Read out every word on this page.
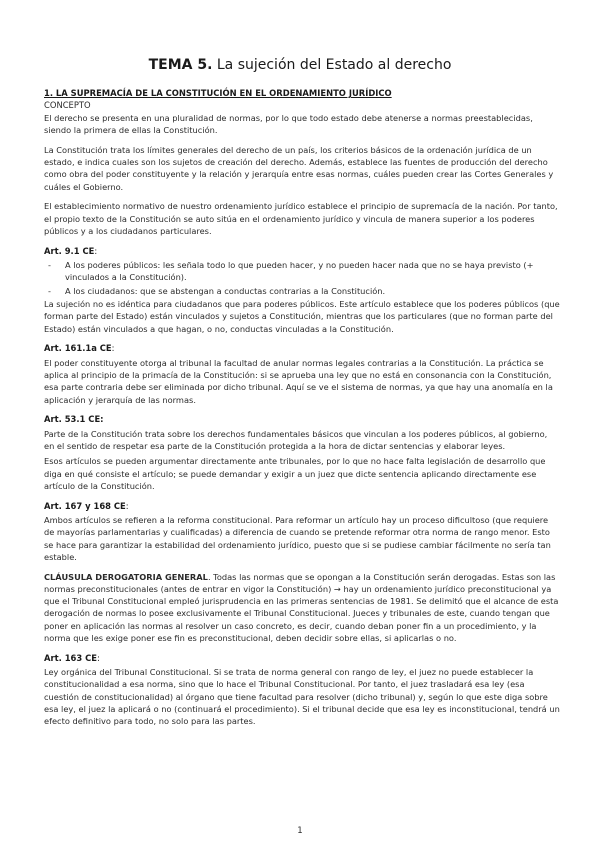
TEMA 5. La sujeción del Estado al derecho
1. LA SUPREMACÍA DE LA CONSTITUCIÓN EN EL ORDENAMIENTO JURÍDICO
CONCEPTO

El derecho se presenta en una pluralidad de normas, por lo que todo estado debe atenerse a normas preestablecidas, siendo la primera de ellas la Constitución.

La Constitución trata los límites generales del derecho de un país, los criterios básicos de la ordenación jurídica de un estado, e indica cuales son los sujetos de creación del derecho. Además, establece las fuentes de producción del derecho como obra del poder constituyente y la relación y jerarquía entre esas normas, cuáles pueden crear las Cortes Generales y cuáles el Gobierno.

El establecimiento normativo de nuestro ordenamiento jurídico establece el principio de supremacía de la nación. Por tanto, el propio texto de la Constitución se auto sitúa en el ordenamiento jurídico y vincula de manera superior a los poderes públicos y a los ciudadanos particulares.

Art. 9.1 CE:
- A los poderes públicos: les señala todo lo que pueden hacer, y no pueden hacer nada que no se haya previsto (+ vinculados a la Constitución).
- A los ciudadanos: que se abstengan a conductas contrarias a la Constitución.

La sujeción no es idéntica para ciudadanos que para poderes públicos. Este artículo establece que los poderes públicos (que forman parte del Estado) están vinculados y sujetos a Constitución, mientras que los particulares (que no forman parte del Estado) están vinculados a que hagan, o no, conductas vinculadas a la Constitución.

Art. 161.1a CE:

El poder constituyente otorga al tribunal la facultad de anular normas legales contrarias a la Constitución. La práctica se aplica al principio de la primacía de la Constitución: si se aprueba una ley que no está en consonancia con la Constitución, esa parte contraria debe ser eliminada por dicho tribunal. Aquí se ve el sistema de normas, ya que hay una anomalía en la aplicación y jerarquía de las normas.

Art. 53.1 CE:

Parte de la Constitución trata sobre los derechos fundamentales básicos que vinculan a los poderes públicos, al gobierno, en el sentido de respetar esa parte de la Constitución protegida a la hora de dictar sentencias y elaborar leyes.

Esos artículos se pueden argumentar directamente ante tribunales, por lo que no hace falta legislación de desarrollo que diga en qué consiste el artículo; se puede demandar y exigir a un juez que dicte sentencia aplicando directamente ese artículo de la Constitución.

Art. 167 y 168 CE:

Ambos artículos se refieren a la reforma constitucional. Para reformar un artículo hay un proceso dificultoso (que requiere de mayorías parlamentarias y cualificadas) a diferencia de cuando se pretende reformar otra norma de rango menor. Esto se hace para garantizar la estabilidad del ordenamiento jurídico, puesto que si se pudiese cambiar fácilmente no sería tan estable.

CLÁUSULA DEROGATORIA GENERAL. Todas las normas que se opongan a la Constitución serán derogadas. Estas son las normas preconstitucionales (antes de entrar en vigor la Constitución) → hay un ordenamiento jurídico preconstitucional ya que el Tribunal Constitucional empleó jurisprudencia en las primeras sentencias de 1981. Se delimitó que el alcance de esta derogación de normas lo posee exclusivamente el Tribunal Constitucional. Jueces y tribunales de este, cuando tengan que poner en aplicación las normas al resolver un caso concreto, es decir, cuando deban poner fin a un procedimiento, y la norma que les exige poner ese fin es preconstitucional, deben decidir sobre ellas, si aplicarlas o no.

Art. 163 CE:

Ley orgánica del Tribunal Constitucional. Si se trata de norma general con rango de ley, el juez no puede establecer la constitucionalidad a esa norma, sino que lo hace el Tribunal Constitucional. Por tanto, el juez trasladará esa ley (esa cuestión de constitucionalidad) al órgano que tiene facultad para resolver (dicho tribunal) y, según lo que este diga sobre esa ley, el juez la aplicará o no (continuará el procedimiento). Si el tribunal decide que esa ley es inconstitucional, tendrá un efecto definitivo para todo, no solo para las partes.

1
